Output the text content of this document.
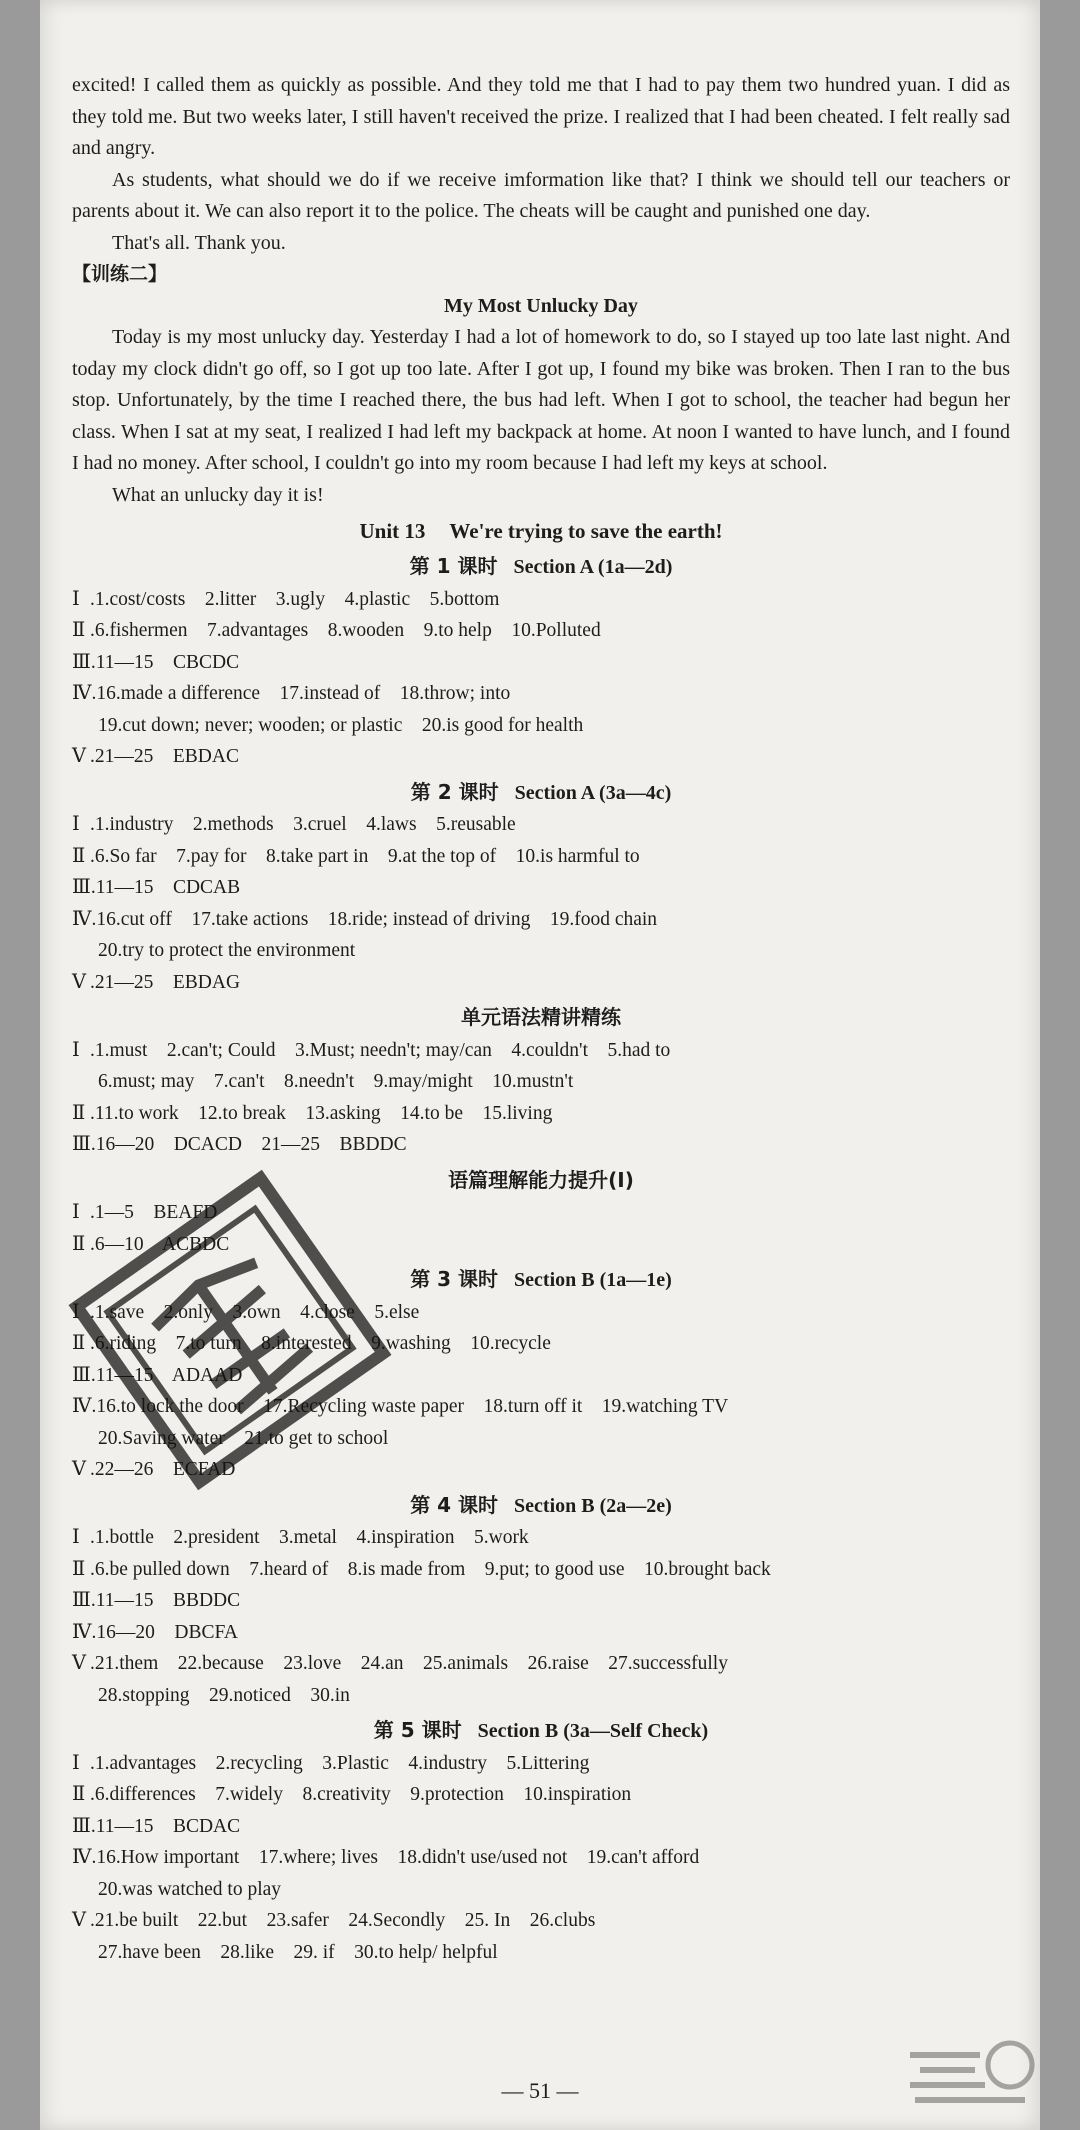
excited! I called them as quickly as possible. And they told me that I had to pay them two hundred yuan. I did as they told me. But two weeks later, I still haven't received the prize. I realized that I had been cheated. I felt really sad and angry.

As students, what should we do if we receive imformation like that? I think we should tell our teachers or parents about it. We can also report it to the police. The cheats will be caught and punished one day.

That's all. Thank you.

【训练二】
My Most Unlucky Day

Today is my most unlucky day. Yesterday I had a lot of homework to do, so I stayed up too late last night. And today my clock didn't go off, so I got up too late. After I got up, I found my bike was broken. Then I ran to the bus stop. Unfortunately, by the time I reached there, the bus had left. When I got to school, the teacher had begun her class. When I sat at my seat, I realized I had left my backpack at home. At noon I wanted to have lunch, and I found I had no money. After school, I couldn't go into my room because I had left my keys at school.

What an unlucky day it is!

Unit 13 We're trying to save the earth!
第 1 课时 Section A (1a—2d)
Ⅰ .1.cost/costs    2.litter    3.ugly    4.plastic    5.bottom
Ⅱ .6.fishermen    7.advantages    8.wooden    9.to help    10.Polluted
Ⅲ.11—15    CBCDC
Ⅳ.16.made a difference    17.instead of    18.throw; into
19.cut down; never; wooden; or plastic    20.is good for health
Ⅴ .21—25    EBDAC
第 2 课时 Section A (3a—4c)
Ⅰ .1.industry    2.methods    3.cruel    4.laws    5.reusable
Ⅱ .6.So far    7.pay for    8.take part in    9.at the top of    10.is harmful to
Ⅲ.11—15    CDCAB
Ⅳ.16.cut off    17.take actions    18.ride; instead of driving    19.food chain
20.try to protect the environment
Ⅴ .21—25    EBDAG
单元语法精讲精练
Ⅰ .1.must    2.can't; Could    3.Must; needn't; may/can    4.couldn't    5.had to
6.must; may    7.can't    8.needn't    9.may/might    10.mustn't
Ⅱ .11.to work    12.to break    13.asking    14.to be    15.living
Ⅲ.16—20    DCACD    21—25    BBDDC
语篇理解能力提升(Ⅰ)
Ⅰ .1—5    BEAFD
Ⅱ .6—10    ACBDC
第 3 课时 Section B (1a—1e)
Ⅰ .1.save    2.only    3.own    4.close    5.else
Ⅱ .6.riding    7.to turn    8.interested    9.washing    10.recycle
Ⅲ.11—15    ADAAD
Ⅳ.16.to lock the door    17.Recycling waste paper    18.turn off it    19.watching TV
20.Saving water    21.to get to school
Ⅴ .22—26    ECFAD
第 4 课时 Section B (2a—2e)
Ⅰ .1.bottle    2.president    3.metal    4.inspiration    5.work
Ⅱ .6.be pulled down    7.heard of    8.is made from    9.put; to good use    10.brought back
Ⅲ.11—15    BBDDC
Ⅳ.16—20    DBCFA
Ⅴ .21.them    22.because    23.love    24.an    25.animals    26.raise    27.successfully
28.stopping    29.noticed    30.in
第 5 课时 Section B (3a—Self Check)
Ⅰ .1.advantages    2.recycling    3.Plastic    4.industry    5.Littering
Ⅱ .6.differences    7.widely    8.creativity    9.protection    10.inspiration
Ⅲ.11—15    BCDAC
Ⅳ.16.How important    17.where; lives    18.didn't use/used not    19.can't afford
20.was watched to play
Ⅴ .21.be built    22.but    23.safer    24.Secondly    25. In    26.clubs
27.have been    28.like    29. if    30.to help/ helpful
— 51 —
